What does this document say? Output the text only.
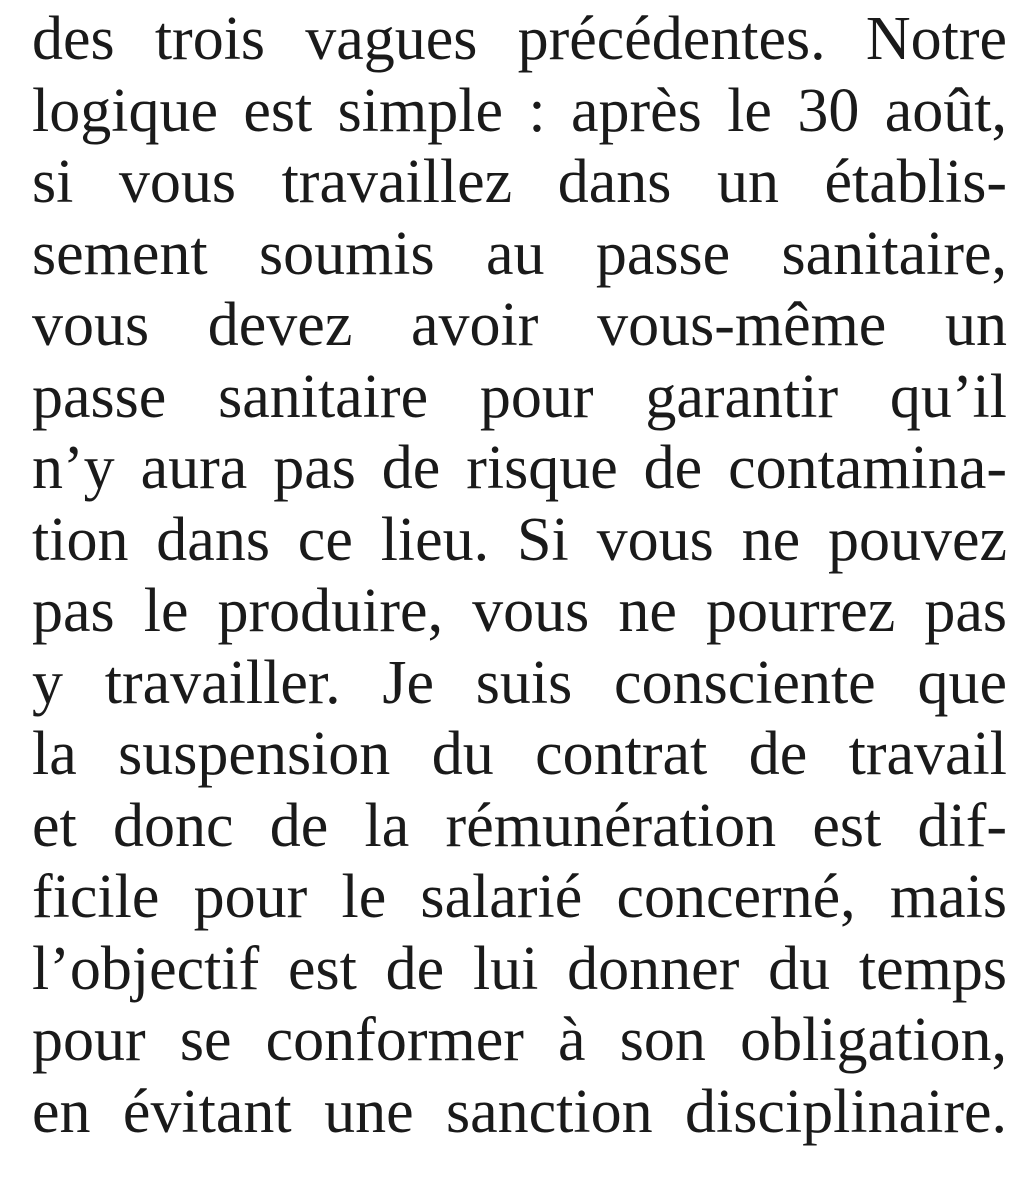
des trois vagues précédentes. Notre
logique est simple : après le 30 août,
si vous travaillez dans un établis-
sement soumis au passe sanitaire,
vous devez avoir vous-même un
passe sanitaire pour garantir qu’il
n’y aura pas de risque de contamina-
tion dans ce lieu. Si vous ne pouvez
pas le produire, vous ne pourrez pas
y travailler. Je suis consciente que
la suspension du contrat de travail
et donc de la rémunération est dif-
ficile pour le salarié concerné, mais
l’objectif est de lui donner du temps
pour se conformer à son obligation,
en évitant une sanction disciplinaire.
